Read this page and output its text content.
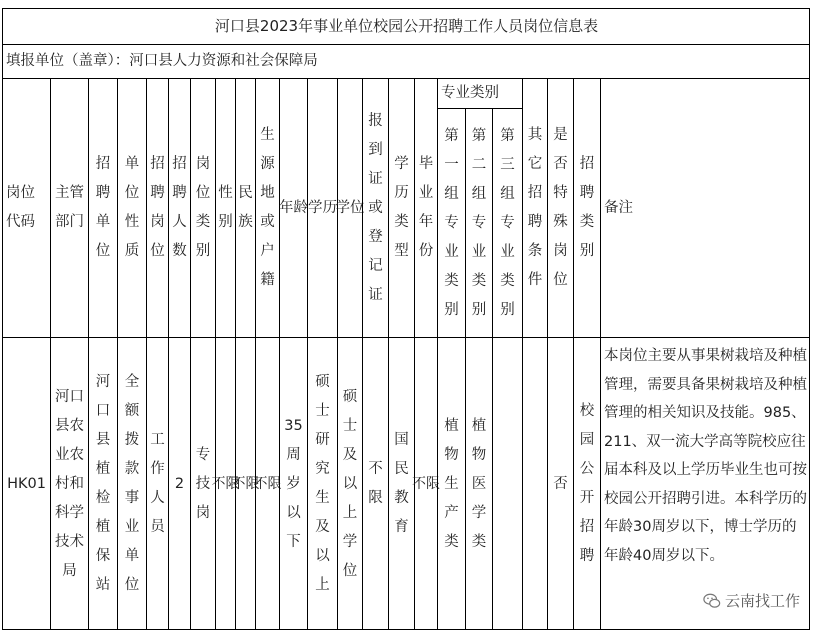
河口县2023年事业单位校园公开招聘工作人员岗位信息表
填报单位（盖章）：河口县人力资源和社会保障局
岗位
代码
主管
部门
招
聘
单
位
单
位
性
质
招
聘
岗
位
招
聘
人
数
岗
位
类
别
性
别
民
族
生
源
地
或
户
籍
年龄 学历
学位
报
到
证
或
登
记
证
学
历
类
型
毕
业
年
份
专业类别
第
一
组
专
业
类
别
第
二
组
专
业
类
别
第
三
组
专
业
类
别
其
它
招
聘
条
件
是
否
特
殊
岗
位
招
聘
类
别
备注
HK01
河口
县农
业农
村和
科学
技术
局
河
口
县
植
检
植
保
站
全
额
拨
款
事
业
单
位
工
作
人
员
2
专
技
岗
不限
不限
不限
35
周
岁
以
下
硕
士
研
究
生
及
以
上
硕
士
及
以
上
学
位
不
限
国
民
教
育
不限
植
物
生
产
类
植
物
医
学
类
否
校
园
公
开
招
聘
本岗位主要从事果树栽培及种植管理，需要具备果树栽培及种植管理的相关知识及技能。985、211、双一流大学高等院校应往届本科及以上学历毕业生也可按校园公开招聘引进。本科学历的年龄30周岁以下，博士学历的年龄40周岁以下。
云南找工作
